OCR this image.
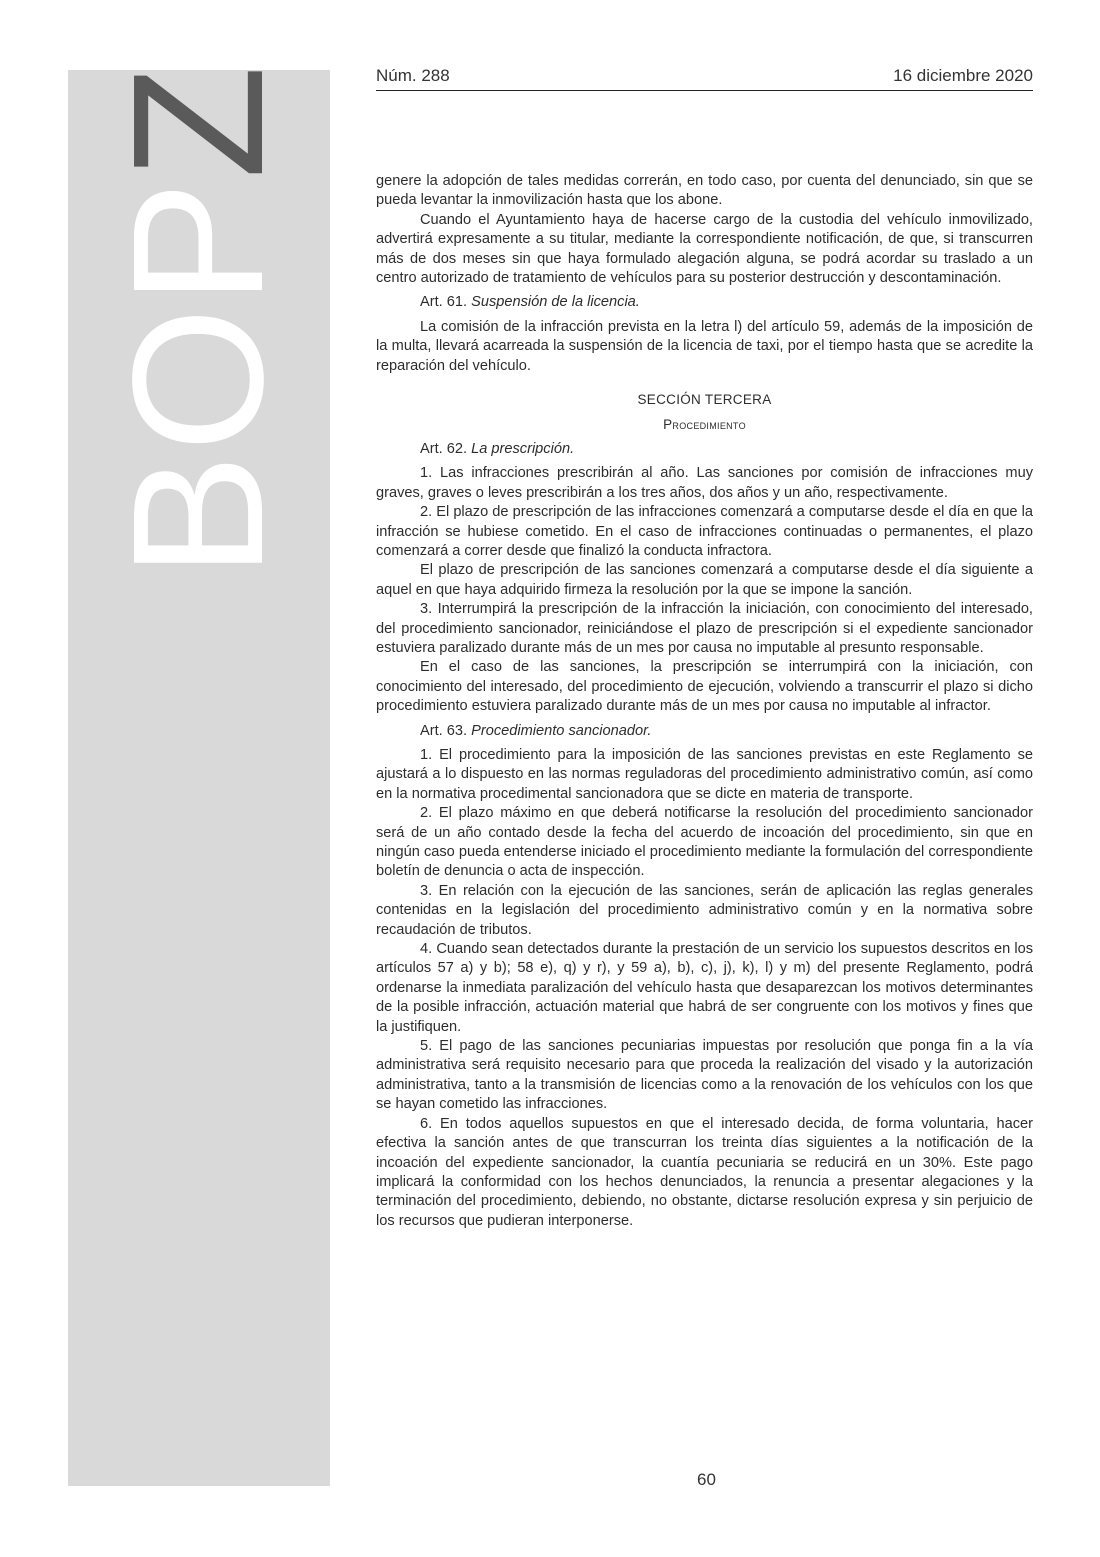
BOPZ	Núm. 288	16 diciembre 2020

genere la adopción de tales medidas correrán, en todo caso, por cuenta del denunciado, sin que se pueda levantar la inmovilización hasta que los abone.

Cuando el Ayuntamiento haya de hacerse cargo de la custodia del vehículo inmovilizado, advertirá expresamente a su titular, mediante la correspondiente notificación, de que, si transcurren más de dos meses sin que haya formulado alegación alguna, se podrá acordar su traslado a un centro autorizado de tratamiento de vehículos para su posterior destrucción y descontaminación.

Art. 61. Suspensión de la licencia.

La comisión de la infracción prevista en la letra l) del artículo 59, además de la imposición de la multa, llevará acarreada la suspensión de la licencia de taxi, por el tiempo hasta que se acredite la reparación del vehículo.

SECCIÓN TERCERA
Procedimiento

Art. 62. La prescripción.

1. Las infracciones prescribirán al año. Las sanciones por comisión de infracciones muy graves, graves o leves prescribirán a los tres años, dos años y un año, respectivamente.

2. El plazo de prescripción de las infracciones comenzará a computarse desde el día en que la infracción se hubiese cometido. En el caso de infracciones continuadas o permanentes, el plazo comenzará a correr desde que finalizó la conducta infractora.

El plazo de prescripción de las sanciones comenzará a computarse desde el día siguiente a aquel en que haya adquirido firmeza la resolución por la que se impone la sanción.

3. Interrumpirá la prescripción de la infracción la iniciación, con conocimiento del interesado, del procedimiento sancionador, reiniciándose el plazo de prescripción si el expediente sancionador estuviera paralizado durante más de un mes por causa no imputable al presunto responsable.

En el caso de las sanciones, la prescripción se interrumpirá con la iniciación, con conocimiento del interesado, del procedimiento de ejecución, volviendo a transcurrir el plazo si dicho procedimiento estuviera paralizado durante más de un mes por causa no imputable al infractor.

Art. 63. Procedimiento sancionador.

1. El procedimiento para la imposición de las sanciones previstas en este Reglamento se ajustará a lo dispuesto en las normas reguladoras del procedimiento administrativo común, así como en la normativa procedimental sancionadora que se dicte en materia de transporte.

2. El plazo máximo en que deberá notificarse la resolución del procedimiento sancionador será de un año contado desde la fecha del acuerdo de incoación del procedimiento, sin que en ningún caso pueda entenderse iniciado el procedimiento mediante la formulación del correspondiente boletín de denuncia o acta de inspección.

3. En relación con la ejecución de las sanciones, serán de aplicación las reglas generales contenidas en la legislación del procedimiento administrativo común y en la normativa sobre recaudación de tributos.

4. Cuando sean detectados durante la prestación de un servicio los supuestos descritos en los artículos 57 a) y b); 58 e), q) y r), y 59 a), b), c), j), k), l) y m) del presente Reglamento, podrá ordenarse la inmediata paralización del vehículo hasta que desaparezcan los motivos determinantes de la posible infracción, actuación material que habrá de ser congruente con los motivos y fines que la justifiquen.

5. El pago de las sanciones pecuniarias impuestas por resolución que ponga fin a la vía administrativa será requisito necesario para que proceda la realización del visado y la autorización administrativa, tanto a la transmisión de licencias como a la renovación de los vehículos con los que se hayan cometido las infracciones.

6. En todos aquellos supuestos en que el interesado decida, de forma voluntaria, hacer efectiva la sanción antes de que transcurran los treinta días siguientes a la notificación de la incoación del expediente sancionador, la cuantía pecuniaria se reducirá en un 30%. Este pago implicará la conformidad con los hechos denunciados, la renuncia a presentar alegaciones y la terminación del procedimiento, debiendo, no obstante, dictarse resolución expresa y sin perjuicio de los recursos que pudieran interponerse.

60
